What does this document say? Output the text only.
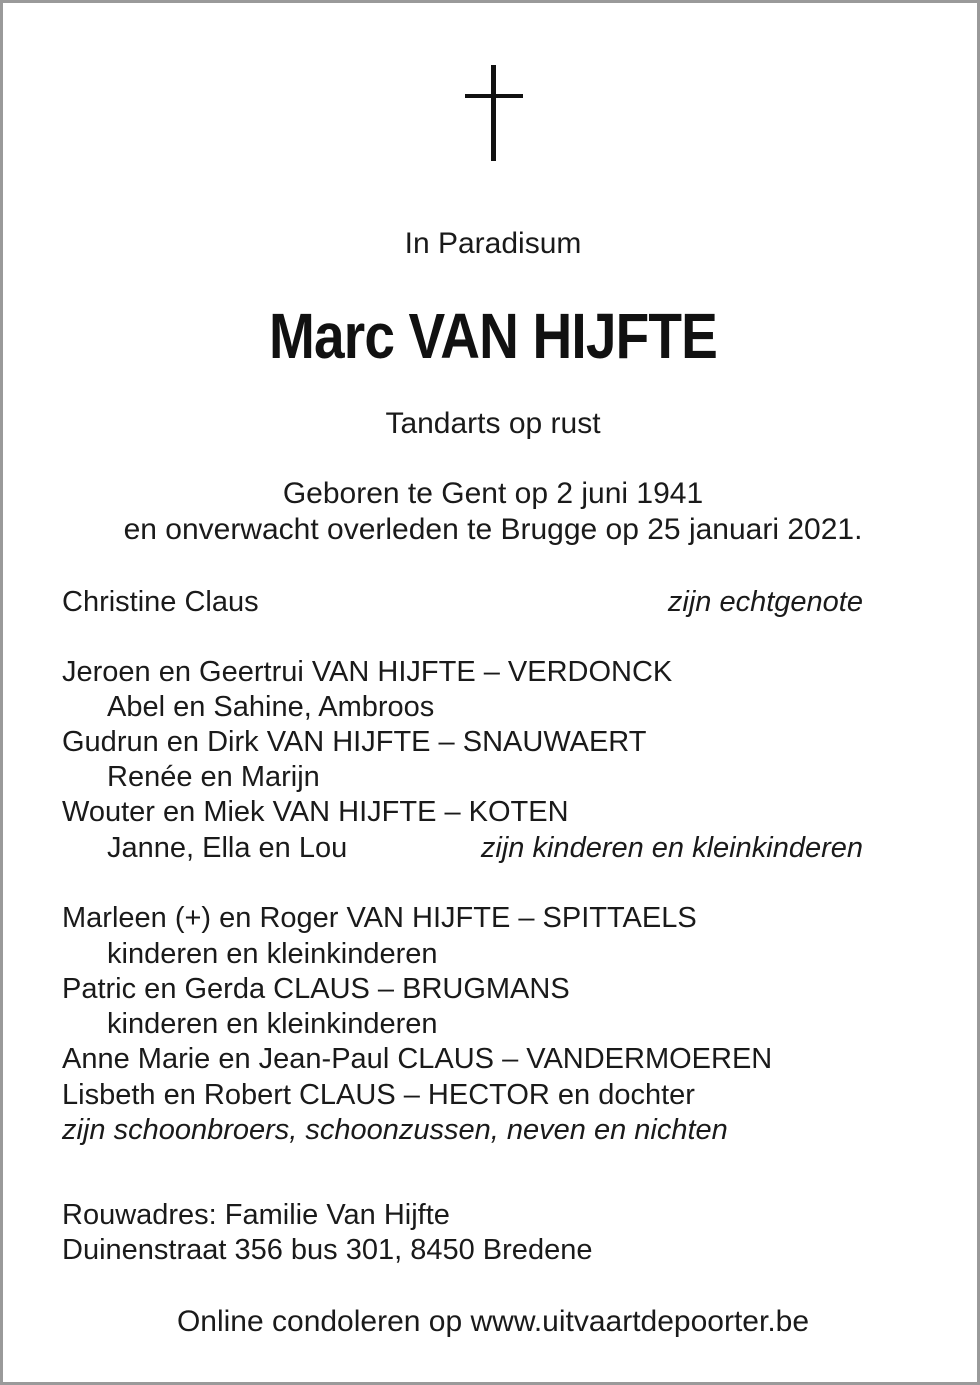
In Paradisum
Marc VAN HIJFTE
Tandarts op rust
Geboren te Gent op 2 juni 1941
en onverwacht overleden te Brugge op 25 januari 2021.
Christine Claus	zijn echtgenote
Jeroen en Geertrui VAN HIJFTE – VERDONCK
Abel en Sahine, Ambroos
Gudrun en Dirk VAN HIJFTE – SNAUWAERT
Renée en Marijn
Wouter en Miek VAN HIJFTE – KOTEN
Janne, Ella en Lou	zijn kinderen en kleinkinderen
Marleen (+) en Roger VAN HIJFTE – SPITTAELS
kinderen en kleinkinderen
Patric en Gerda CLAUS – BRUGMANS
kinderen en kleinkinderen
Anne Marie en Jean-Paul CLAUS – VANDERMOEREN
Lisbeth en Robert CLAUS – HECTOR en dochter
zijn schoonbroers, schoonzussen, neven en nichten
Rouwadres: Familie Van Hijfte
Duinenstraat 356 bus 301, 8450 Bredene
Online condoleren op www.uitvaartdepoorter.be
